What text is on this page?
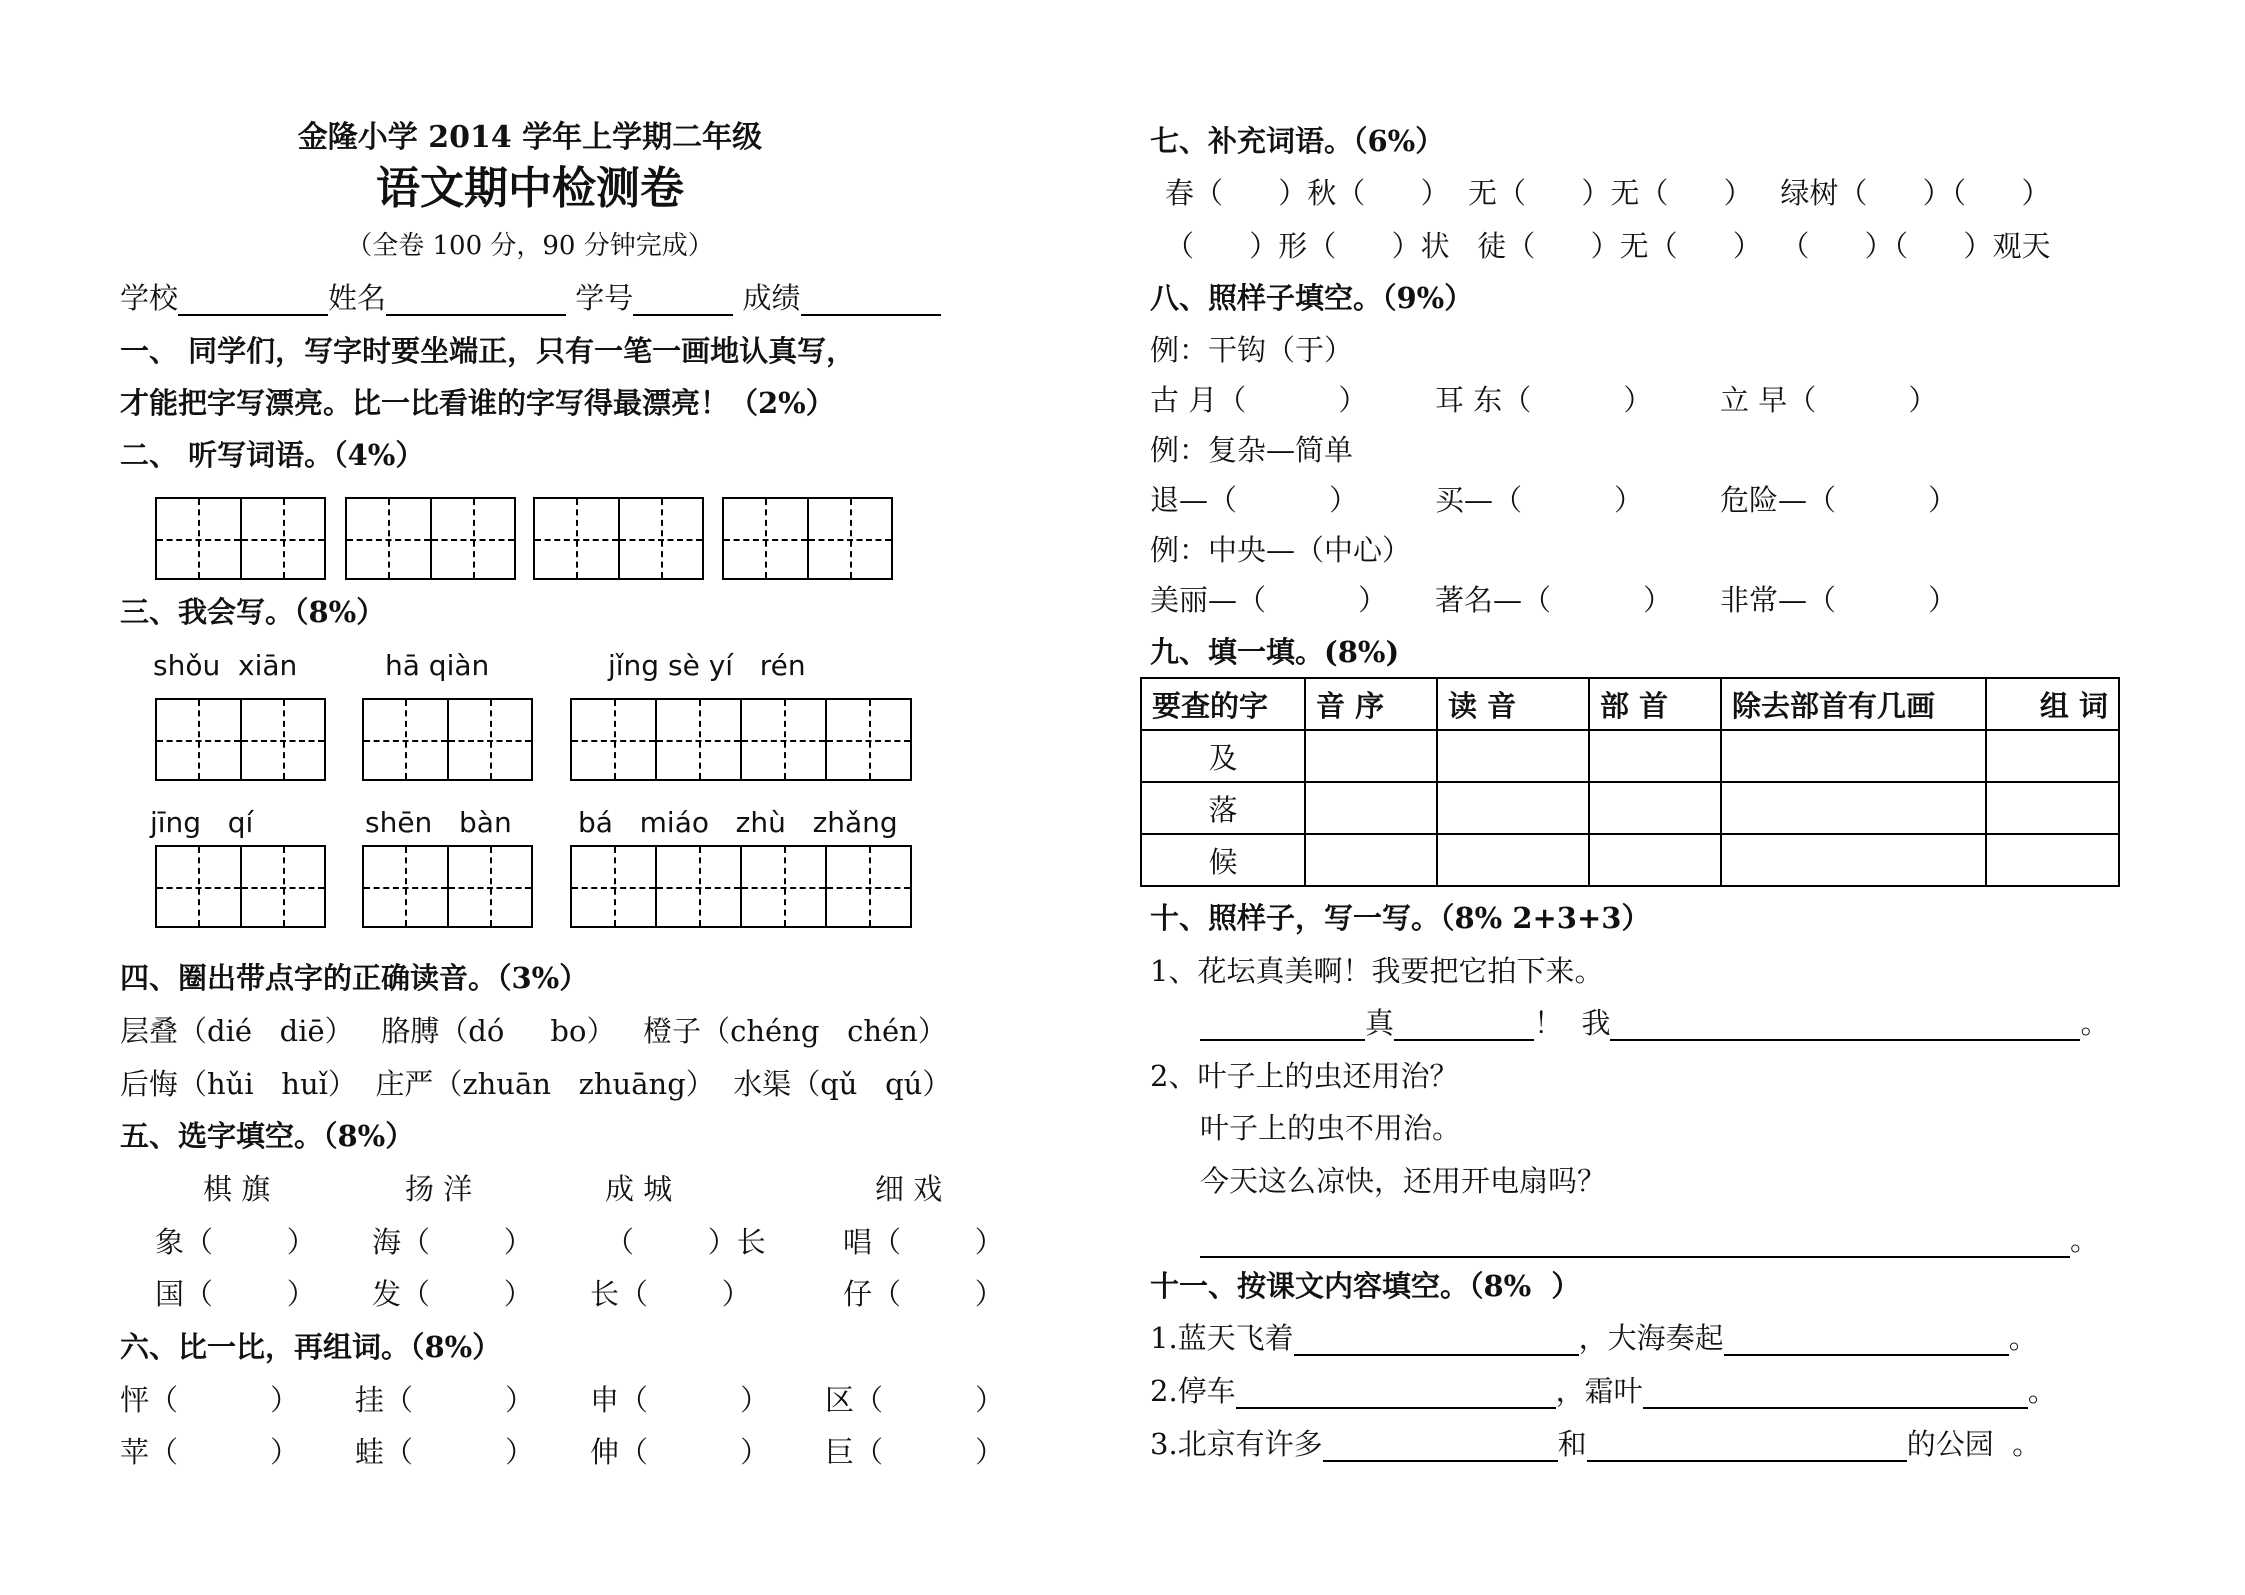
金隆小学 2014 学年上学期二年级
语文期中检测卷
（全卷 100 分，90 分钟完成）
学校	姓名	学号	成绩
一、 同学们，写字时要坐端正，只有一笔一画地认真写，
才能把字写漂亮。比一比看谁的字写得最漂亮！（2%）
二、 听写词语。（4%）
三、我会写。（8%）
shǒu  xiān	hā qiàn	jǐng sè yí   rén
jīng   qí	shēn   bàn bá   miáo   zhù   zhǎng
四、圈出带点字的正确读音。（3%）
层叠（dié   diē）   胳膊（dó     bo）   橙子（chéng   chén）
后悔（hǔi   huǐ）  庄严（zhuān   zhuāng）  水渠（qǔ   qú）
五、选字填空。（8%）
棋 旗	扬 洋	成 城	细 戏
象（        ） 海（        ） （        ）长	唱（        ）
国（        ） 发（        ） 长（        ）	仔（        ）
六、比一比，再组词。（8%）
怦（          ） 挂（          ） 申（          ） 区（          ）
苹（          ） 蛙（          ） 伸（          ） 巨（          ）
七、补充词语。（6%）
春（      ）秋（      ）  无（      ）无（      ）   绿树（      ）（      ）
（      ）形（      ）状   徒（      ）无（      ）  （      ）（      ）观天
八、照样子填空。（9%）
例：干钩（于）
古 月（          ） 耳 东（          ） 立 早（          ）
例：复杂—简单
退—（          ）	买—（          ）	危险—（          ）
例：中央—（中心）
美丽—（          ） 著名—（          ） 非常—（          ）
九、填一填。(8%)
要查的字	音 序	读 音	部 首	除去部首有几画	组 词
及					
落					
候					
十、照样子，写一写。（8% 2+3+3）
1、花坛真美啊！我要把它拍下来。
真	！  我	。
2、叶子上的虫还用治？
叶子上的虫不用治。
今天这么凉快，还用开电扇吗？
。
十一、按课文内容填空。（8%  ）
1.蓝天飞着	，大海奏起	。
2.停车	，霜叶	。
3.北京有许多	和	的公园  。
